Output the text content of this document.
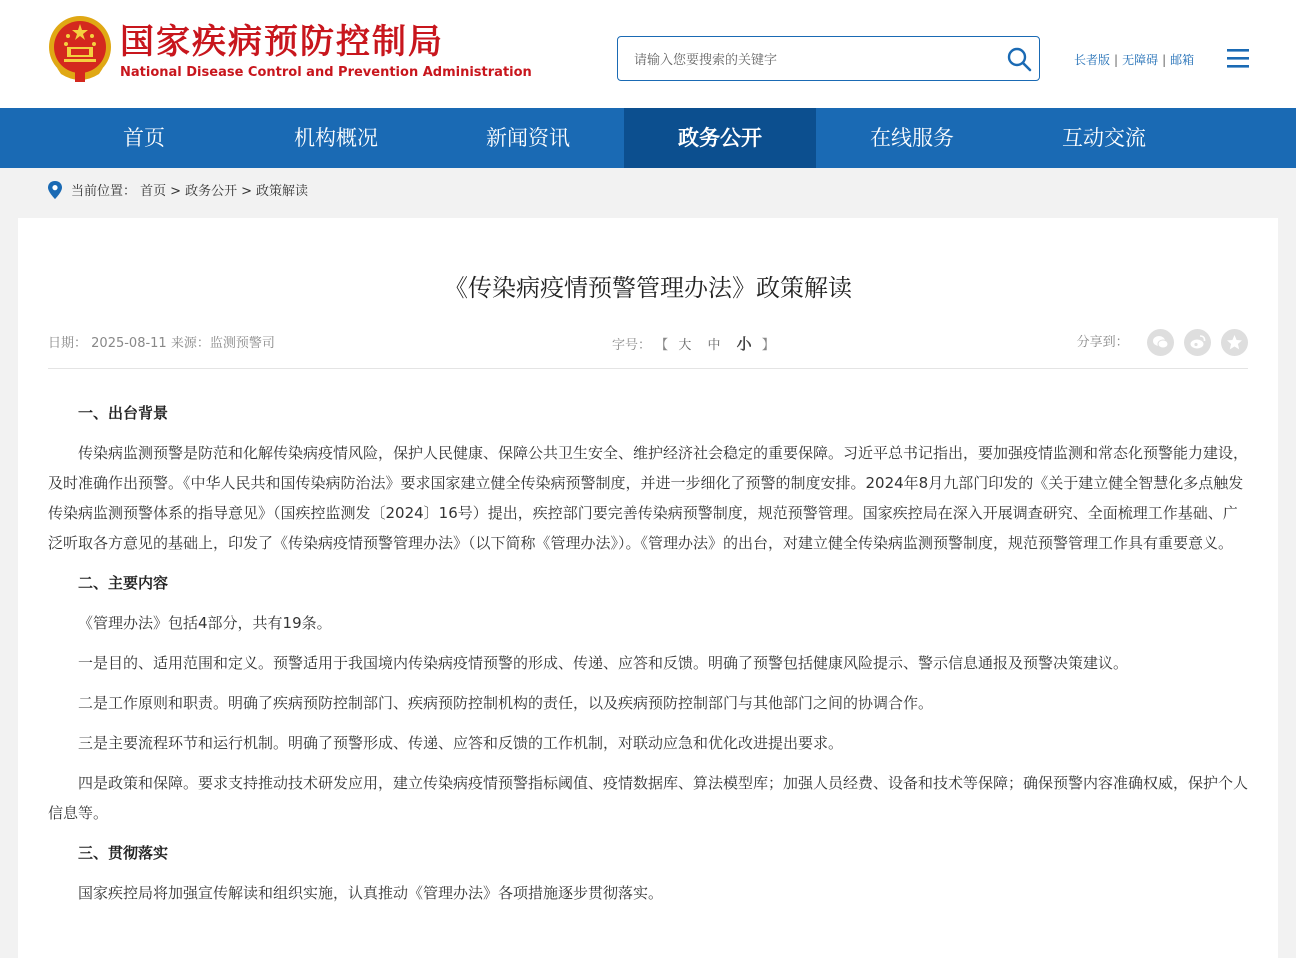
国家疾病预防控制局
National Disease Control and Prevention Administration
请输入您要搜索的关键字
长者版 | 无障碍 | 邮箱
首页	机构概况	新闻资讯	政务公开	在线服务	互动交流
当前位置： 首页 > 政务公开 > 政策解读
《传染病疫情预警管理办法》政策解读
日期： 2025-08-11 来源：监测预警司	字号： 【 大 中 小 】	分享到：

一、出台背景

传染病监测预警是防范和化解传染病疫情风险，保护人民健康、保障公共卫生安全、维护经济社会稳定的重要保障。习近平总书记指出，要加强疫情监测和常态化预警能力建设，及时准确作出预警。《中华人民共和国传染病防治法》要求国家建立健全传染病预警制度，并进一步细化了预警的制度安排。2024年8月九部门印发的《关于建立健全智慧化多点触发传染病监测预警体系的指导意见》（国疾控监测发〔2024〕16号）提出，疾控部门要完善传染病预警制度，规范预警管理。国家疾控局在深入开展调查研究、全面梳理工作基础、广泛听取各方意见的基础上，印发了《传染病疫情预警管理办法》（以下简称《管理办法》）。《管理办法》的出台，对建立健全传染病监测预警制度，规范预警管理工作具有重要意义。

二、主要内容

《管理办法》包括4部分，共有19条。

一是目的、适用范围和定义。预警适用于我国境内传染病疫情预警的形成、传递、应答和反馈。明确了预警包括健康风险提示、警示信息通报及预警决策建议。

二是工作原则和职责。明确了疾病预防控制部门、疾病预防控制机构的责任，以及疾病预防控制部门与其他部门之间的协调合作。

三是主要流程环节和运行机制。明确了预警形成、传递、应答和反馈的工作机制，对联动应急和优化改进提出要求。

四是政策和保障。要求支持推动技术研发应用，建立传染病疫情预警指标阈值、疫情数据库、算法模型库；加强人员经费、设备和技术等保障；确保预警内容准确权威，保护个人信息等。

三、贯彻落实

国家疾控局将加强宣传解读和组织实施，认真推动《管理办法》各项措施逐步贯彻落实。
